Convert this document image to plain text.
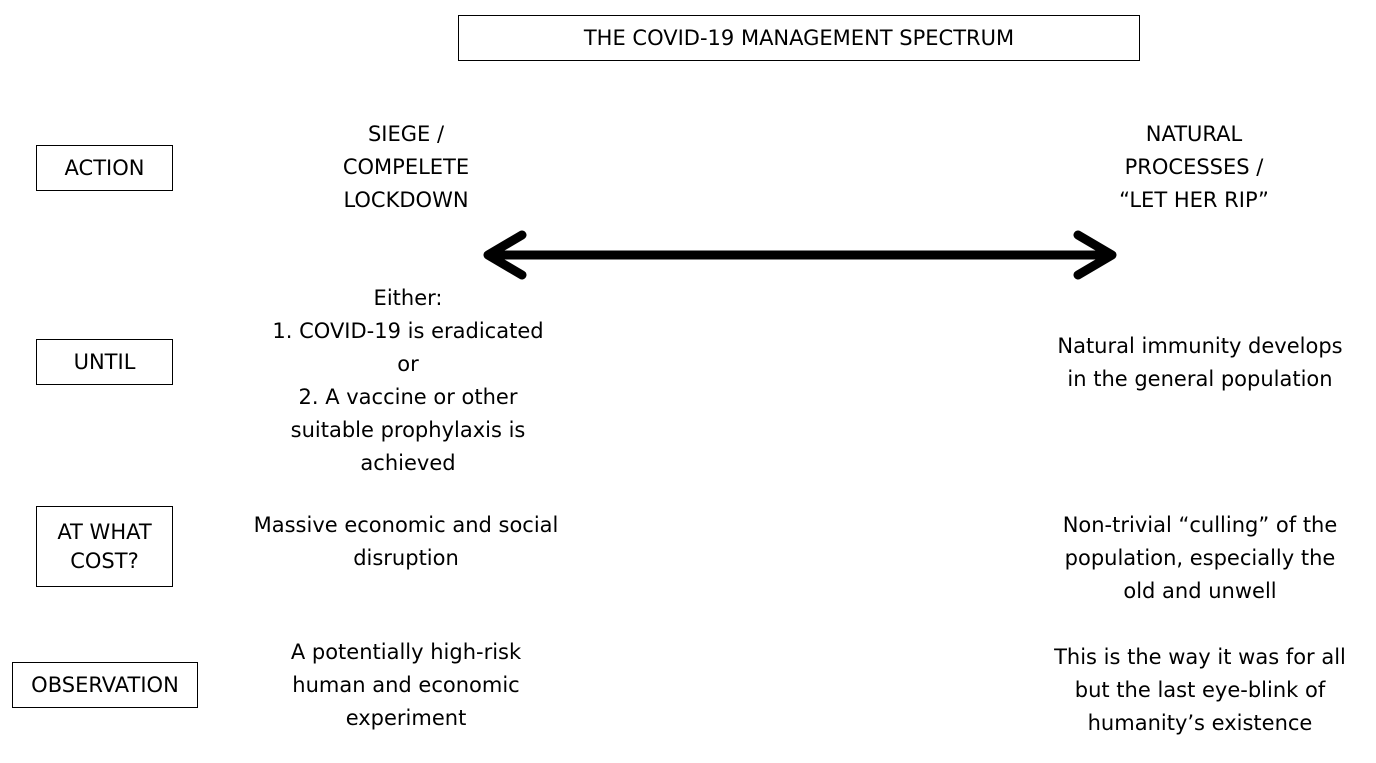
THE COVID-19 MANAGEMENT SPECTRUM
ACTION
UNTIL
AT WHAT
COST?
OBSERVATION
SIEGE /
COMPELETE
LOCKDOWN
NATURAL
PROCESSES /
“LET HER RIP”
Either:
1. COVID-19 is eradicated
or
2. A vaccine or other
suitable prophylaxis is
achieved
Natural immunity develops
in the general population
Massive economic and social
disruption
Non-trivial “culling” of the
population, especially the
old and unwell
A potentially high-risk
human and economic
experiment
This is the way it was for all
but the last eye-blink of
humanity’s existence
